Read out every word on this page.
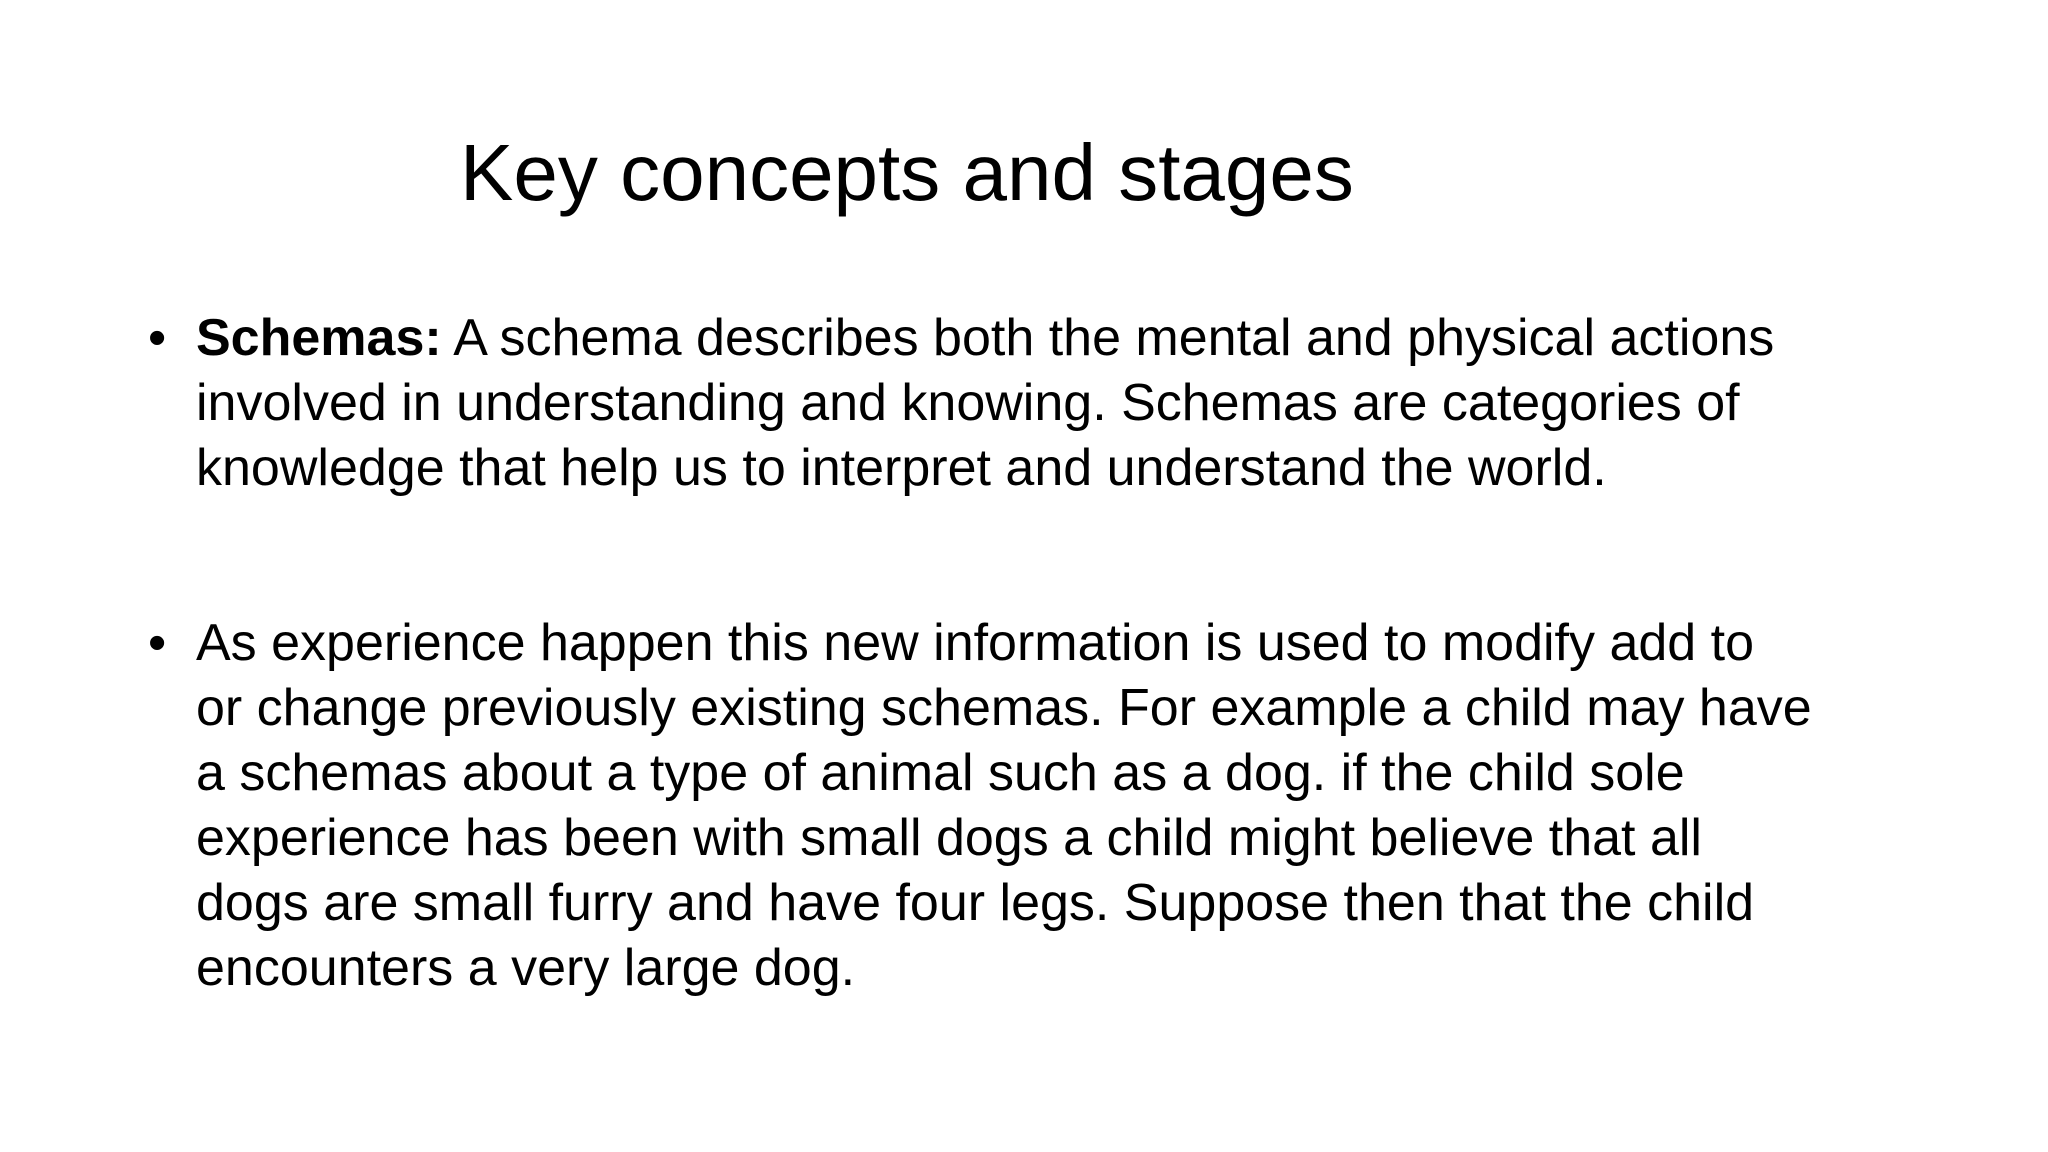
Key concepts and stages
• Schemas: A schema describes both the mental and physical actions
involved in understanding and knowing. Schemas are categories of
knowledge that help us to interpret and understand the world.
• As experience happen this new information is used to modify add to
or change previously existing schemas. For example a child may have
a schemas about a type of animal such as a dog. if the child sole
experience has been with small dogs a child might believe that all
dogs are small furry and have four legs. Suppose then that the child
encounters a very large dog.
